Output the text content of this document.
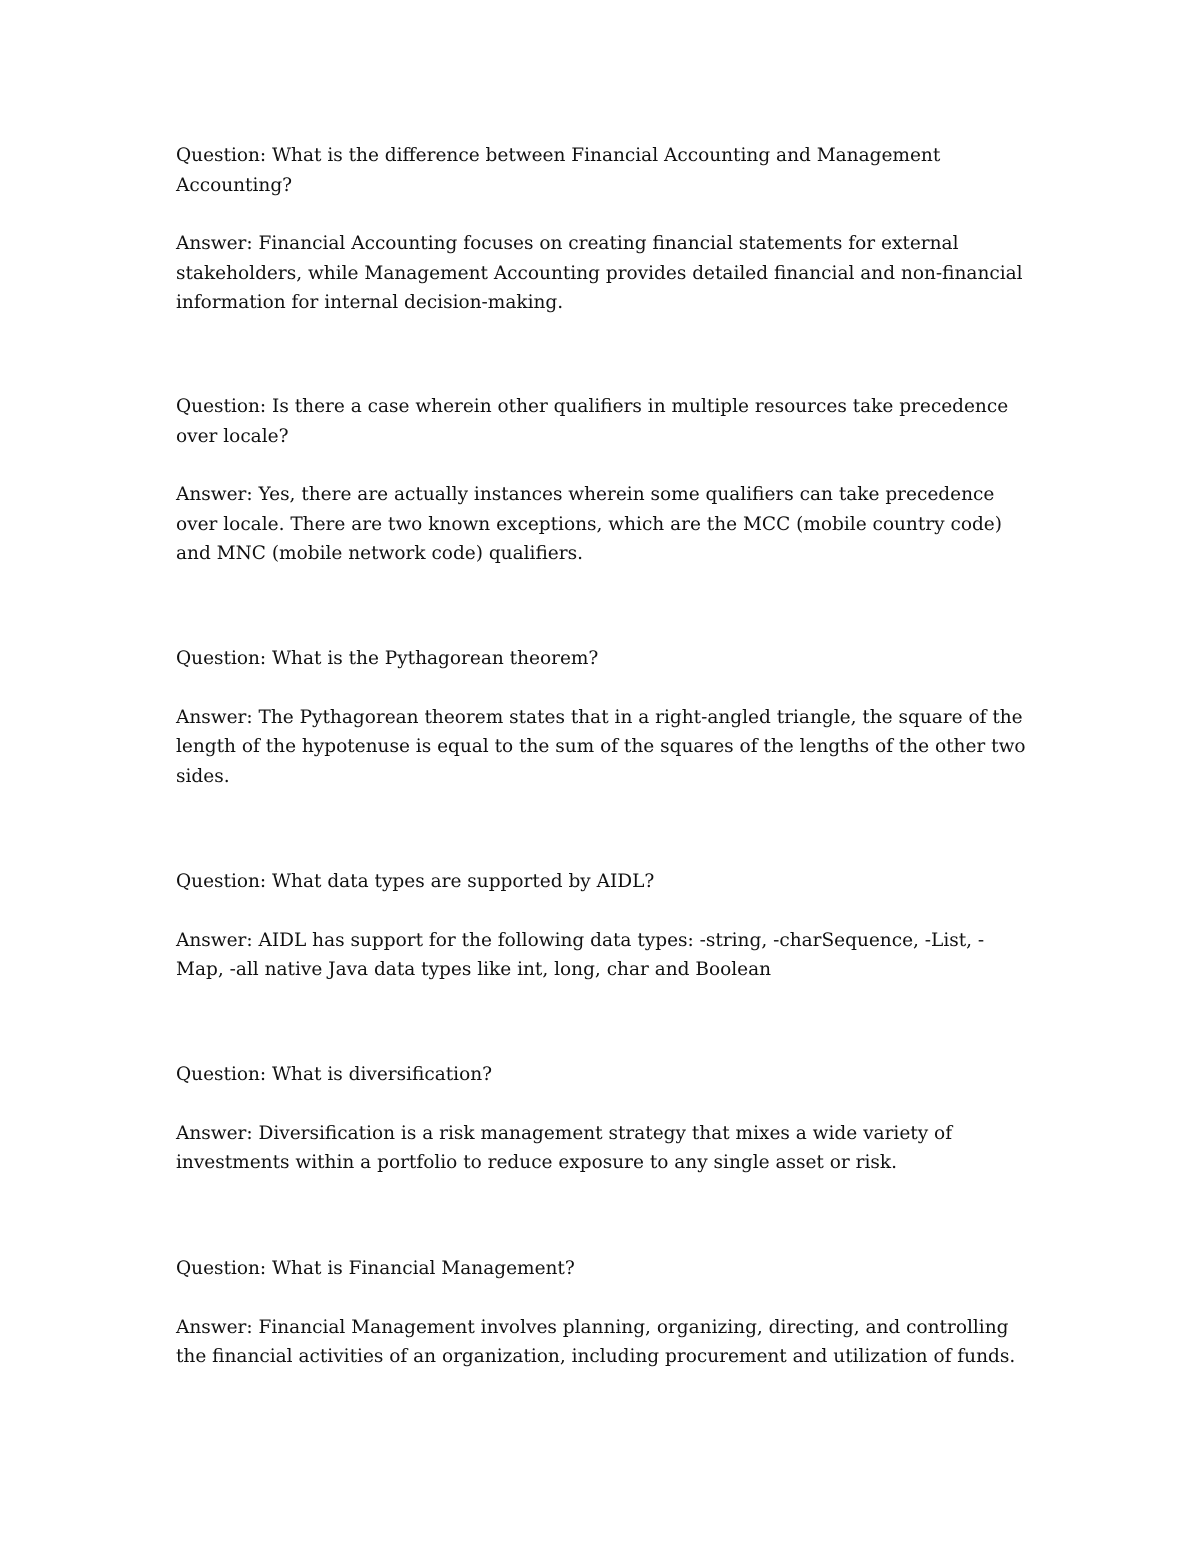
Question: What is the difference between Financial Accounting and Management Accounting?

Answer: Financial Accounting focuses on creating financial statements for external stakeholders, while Management Accounting provides detailed financial and non-financial information for internal decision-making.

Question: Is there a case wherein other qualifiers in multiple resources take precedence over locale?

Answer: Yes, there are actually instances wherein some qualifiers can take precedence over locale. There are two known exceptions, which are the MCC (mobile country code) and MNC (mobile network code) qualifiers.

Question: What is the Pythagorean theorem?

Answer: The Pythagorean theorem states that in a right-angled triangle, the square of the length of the hypotenuse is equal to the sum of the squares of the lengths of the other two sides.

Question: What data types are supported by AIDL?

Answer: AIDL has support for the following data types: -string, -charSequence, -List, -Map, -all native Java data types like int, long, char and Boolean

Question: What is diversification?

Answer: Diversification is a risk management strategy that mixes a wide variety of investments within a portfolio to reduce exposure to any single asset or risk.

Question: What is Financial Management?

Answer: Financial Management involves planning, organizing, directing, and controlling the financial activities of an organization, including procurement and utilization of funds.
